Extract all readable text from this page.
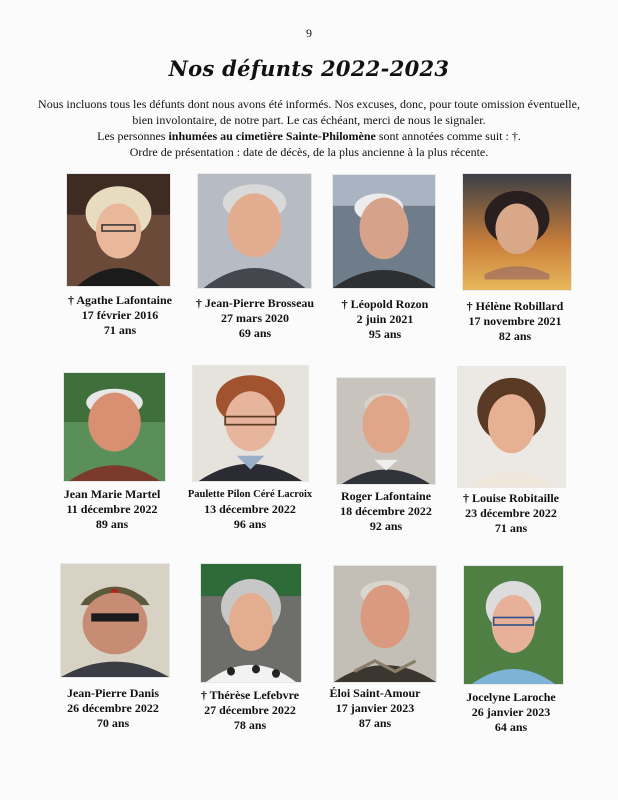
9
Nos défunts 2022-2023

Nous incluons tous les défunts dont nous avons été informés. Nos excuses, donc, pour toute omission éventuelle,

bien involontaire, de notre part. Le cas échéant, merci de nous le signaler.

Les personnes inhumées au cimetière Sainte-Philomène sont annotées comme suit : †.

Ordre de présentation : date de décès, de la plus ancienne à la plus récente.

† Agathe Lafontaine
17 février 2016
71 ans
† Jean-Pierre Brosseau
27 mars 2020
69 ans
† Léopold Rozon
2 juin 2021
95 ans
† Hélène Robillard
17 novembre 2021
82 ans
Jean Marie Martel
11 décembre 2022
89 ans
Paulette Pilon Céré Lacroix
13 décembre 2022
96 ans
Roger Lafontaine
18 décembre 2022
92 ans
† Louise Robitaille
23 décembre 2022
71 ans
Jean-Pierre Danis
26 décembre 2022
70 ans
† Thérèse Lefebvre
27 décembre 2022
78 ans
Éloi Saint-Amour
17 janvier 2023
87 ans
Jocelyne Laroche
26 janvier 2023
64 ans
